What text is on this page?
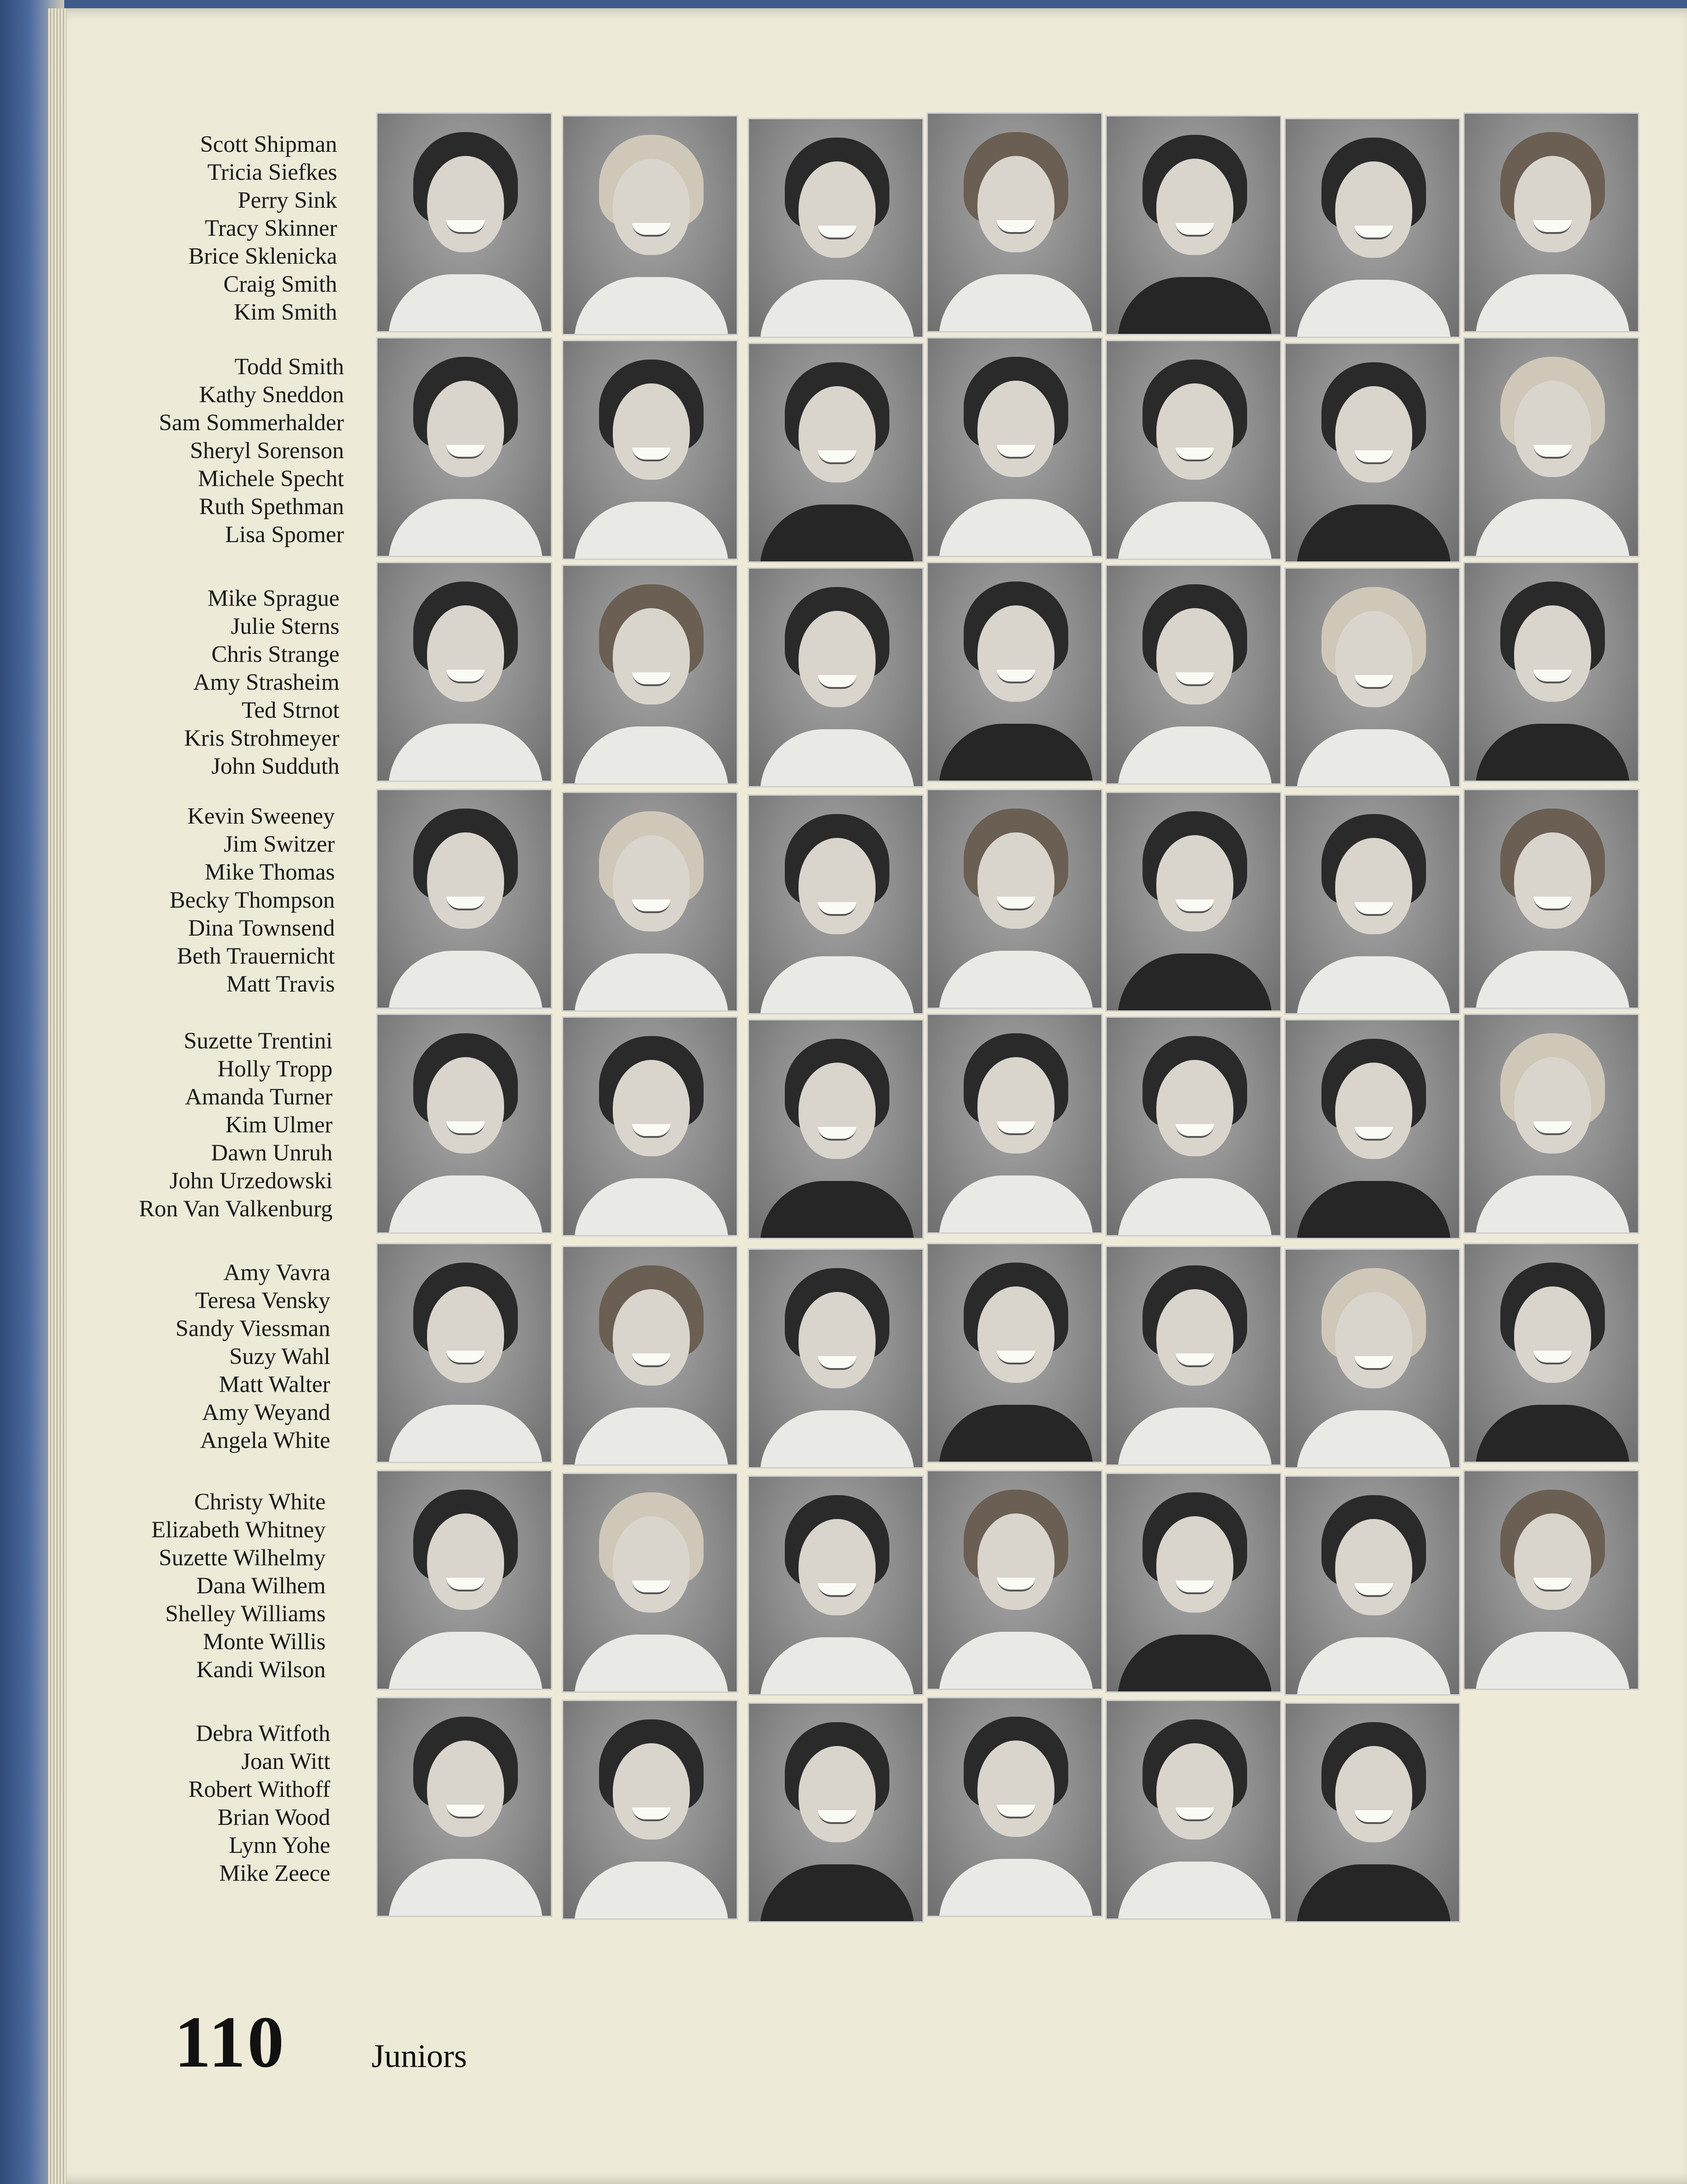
Scott Shipman
Tricia Siefkes
Perry Sink
Tracy Skinner
Brice Sklenicka
Craig Smith
Kim Smith
Todd Smith
Kathy Sneddon
Sam Sommerhalder
Sheryl Sorenson
Michele Specht
Ruth Spethman
Lisa Spomer
Mike Sprague
Julie Sterns
Chris Strange
Amy Strasheim
Ted Strnot
Kris Strohmeyer
John Sudduth
Kevin Sweeney
Jim Switzer
Mike Thomas
Becky Thompson
Dina Townsend
Beth Trauernicht
Matt Travis
Suzette Trentini
Holly Tropp
Amanda Turner
Kim Ulmer
Dawn Unruh
John Urzedowski
Ron Van Valkenburg
Amy Vavra
Teresa Vensky
Sandy Viessman
Suzy Wahl
Matt Walter
Amy Weyand
Angela White
Christy White
Elizabeth Whitney
Suzette Wilhelmy
Dana Wilhem
Shelley Williams
Monte Willis
Kandi Wilson
Debra Witfoth
Joan Witt
Robert Withoff
Brian Wood
Lynn Yohe
Mike Zeece
110	Juniors
